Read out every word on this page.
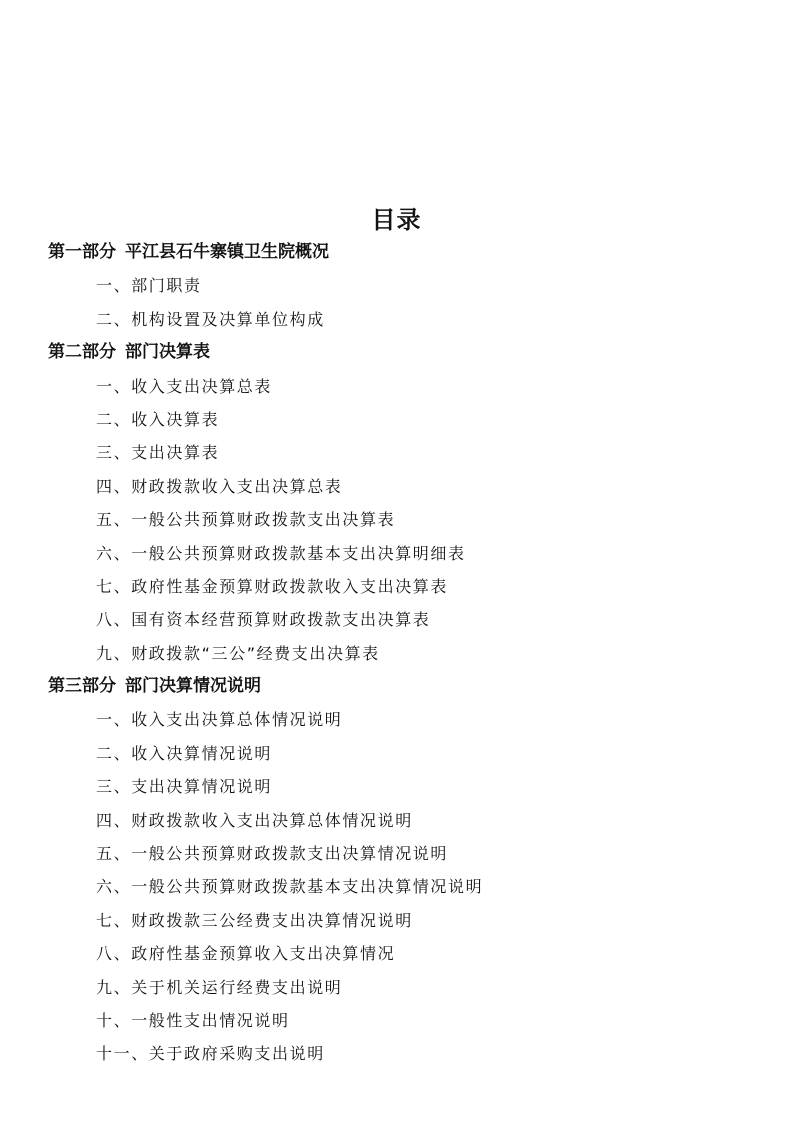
目录
第一部分 平江县石牛寨镇卫生院概况
一、部门职责
二、机构设置及决算单位构成
第二部分 部门决算表
一、收入支出决算总表
二、收入决算表
三、支出决算表
四、财政拨款收入支出决算总表
五、一般公共预算财政拨款支出决算表
六、一般公共预算财政拨款基本支出决算明细表
七、政府性基金预算财政拨款收入支出决算表
八、国有资本经营预算财政拨款支出决算表
九、财政拨款“三公”经费支出决算表
第三部分 部门决算情况说明
一、收入支出决算总体情况说明
二、收入决算情况说明
三、支出决算情况说明
四、财政拨款收入支出决算总体情况说明
五、一般公共预算财政拨款支出决算情况说明
六、一般公共预算财政拨款基本支出决算情况说明
七、财政拨款三公经费支出决算情况说明
八、政府性基金预算收入支出决算情况
九、关于机关运行经费支出说明
十、一般性支出情况说明
十一、关于政府采购支出说明
